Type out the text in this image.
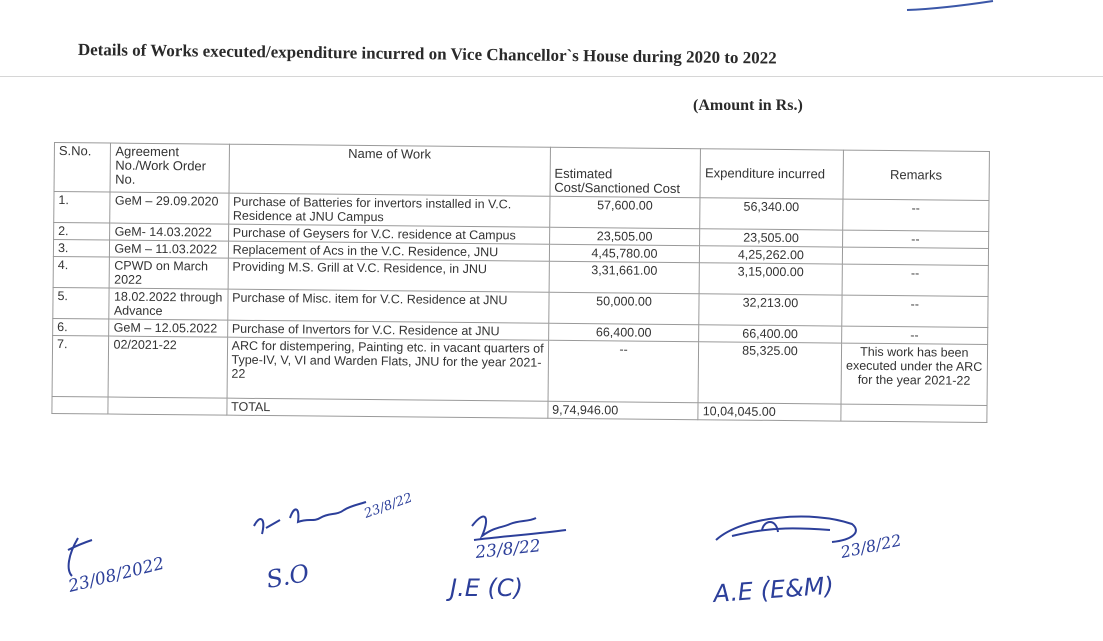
Details of Works executed/expenditure incurred on Vice Chancellor`s House during 2020 to 2022
(Amount in Rs.)
S.No.	Agreement No./Work Order No.	Name of Work	Estimated Cost/Sanctioned Cost	Expenditure incurred	Remarks
1.	GeM – 29.09.2020	Purchase of Batteries for invertors installed in V.C. Residence at JNU Campus	57,600.00	56,340.00	--
2.	GeM- 14.03.2022	Purchase of Geysers for V.C. residence at Campus	23,505.00	23,505.00	--
3.	GeM – 11.03.2022	Replacement of Acs in the V.C. Residence, JNU	4,45,780.00	4,25,262.00	
4.	CPWD on March 2022	Providing M.S. Grill at V.C. Residence, in JNU	3,31,661.00	3,15,000.00	--
5.	18.02.2022 through Advance	Purchase of Misc. item for V.C. Residence at JNU	50,000.00	32,213.00	--
6.	GeM – 12.05.2022	Purchase of Invertors for V.C. Residence at JNU	66,400.00	66,400.00	--
7.	02/2021-22	ARC for distempering, Painting etc. in vacant quarters of Type-IV, V, VI and Warden Flats, JNU for the year 2021-22	--	85,325.00	This work has been executed under the ARC for the year 2021-22
		TOTAL	9,74,946.00	10,04,045.00	
23/08/2022
23/8/22
S.O
23/8/22
J.E (C)
23/8/22
A.E (E&M)
